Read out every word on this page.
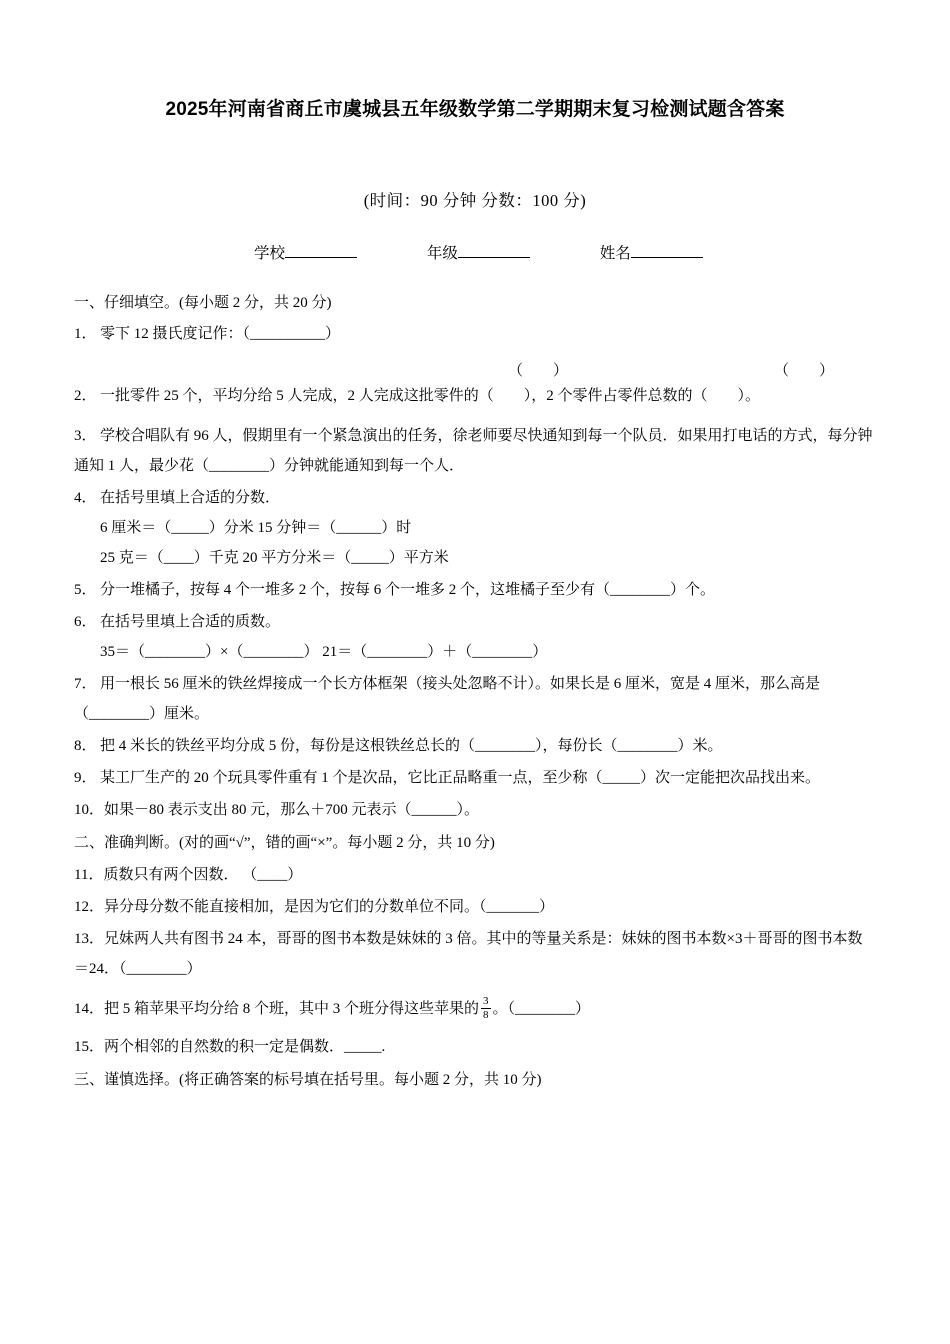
2025年河南省商丘市虞城县五年级数学第二学期期末复习检测试题含答案
(时间：90 分钟 分数：100 分)
学校	年级	姓名
一、仔细填空。(每小题 2 分，共 20 分)
1． 零下 12 摄氏度记作：（__________）
（　　）	（　　）
2． 一批零件 25 个，平均分给 5 人完成，2 人完成这批零件的（　　），2 个零件占零件总数的（　　）。
3． 学校合唱队有 96 人，假期里有一个紧急演出的任务，徐老师要尽快通知到每一个队员．如果用打电话的方式，每分钟通知 1 人，最少花（________）分钟就能通知到每一个人．
4． 在括号里填上合适的分数．
6 厘米＝（_____）分米 15 分钟＝（______）时
25 克＝（____）千克 20 平方分米＝（_____）平方米
5． 分一堆橘子，按每 4 个一堆多 2 个，按每 6 个一堆多 2 个，这堆橘子至少有（________）个。
6． 在括号里填上合适的质数。
35＝（________）×（________） 21＝（________）＋（________）
7． 用一根长 56 厘米的铁丝焊接成一个长方体框架（接头处忽略不计）。如果长是 6 厘米，宽是 4 厘米，那么高是（________）厘米。
8． 把 4 米长的铁丝平均分成 5 份，每份是这根铁丝总长的（________），每份长（________）米。
9． 某工厂生产的 20 个玩具零件重有 1 个是次品，它比正品略重一点，至少称（_____）次一定能把次品找出来。
10．如果－80 表示支出 80 元，那么＋700 元表示（______）。
二、准确判断。(对的画“√”，错的画“×”。每小题 2 分，共 10 分)
11．质数只有两个因数． （____）
12．异分母分数不能直接相加，是因为它们的分数单位不同。（_______）
13．兄妹两人共有图书 24 本，哥哥的图书本数是妹妹的 3 倍。其中的等量关系是：妹妹的图书本数×3＋哥哥的图书本数＝24．（________）
14．把 5 箱苹果平均分给 8 个班，其中 3 个班分得这些苹果的 $\frac{3}{8}$ 。（________）
15．两个相邻的自然数的积一定是偶数．_____.
三、谨慎选择。(将正确答案的标号填在括号里。每小题 2 分，共 10 分)
